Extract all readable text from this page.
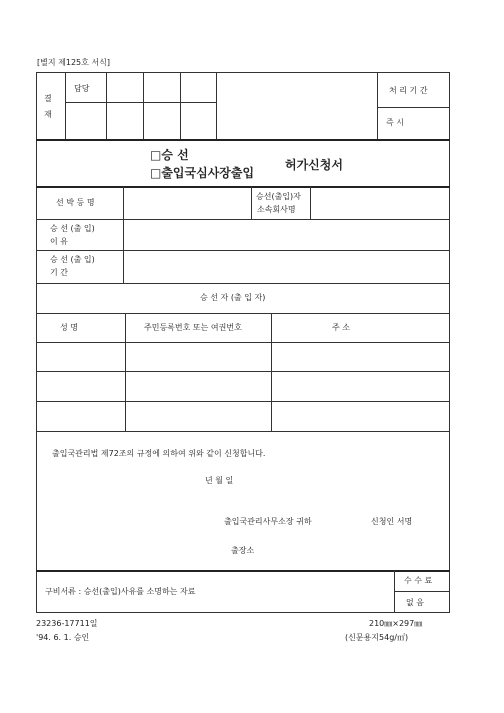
[별지 제125호 서식]
결
재
담당	처 리 기 간
즉 시
□승 선
□출입국심사장출입
허가신청서
선 박 등 명
승선(출입)자
소속회사명
승 선 (출 입)
이 유
승 선 (출 입)
기 간
승 선 자 (출 입 자)
성 명	주민등록번호 또는 여권번호	주 소
출입국관리법 제72조의 규정에 의하여 위와 같이 신청합니다.
년 월 일
출입국관리사무소장 귀하	신청인 서명
출장소
구비서류 : 승선(출입)사유를 소명하는 자료
수 수 료
없 음
23236-17711일
'94. 6. 1. 승인
210㎜×297㎜
(신문용지54g/㎡)
